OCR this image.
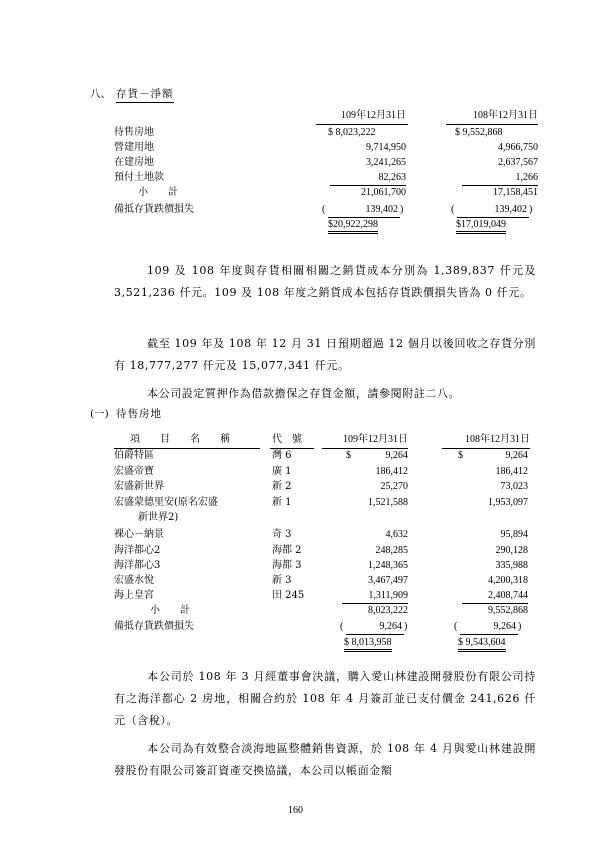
八、 存貨－淨額
109年12月31日	108年12月31日
待售房地	$ 8,023,222	$ 9,552,868
營建用地	9,714,950	4,966,750
在建房地	3,241,265	2,637,567
預付土地款	82,263	1,266
小　　計	21,061,700	17,158,451
備抵存貨跌價損失	(	139,402 )	(	139,402 )
$20,922,298	$17,019,049
109 及 108 年度與存貨相關相關之銷貨成本分別為 1,389,837 仟元及 3,521,236 仟元。109 及 108 年度之銷貨成本包括存貨跌價損失皆為 0 仟元。
截至 109 年及 108 年 12 月 31 日預期超過 12 個月以後回收之存貨分別有 18,777,277 仟元及 15,077,341 仟元。
本公司設定質押作為借款擔保之存貨金額，請參閱附註二八。
(一) 待售房地
項　　目　　名　　稱	代　號	109年12月31日	108年12月31日
伯爵特區	灣 6	$	9,264	$	9,264
宏盛帝寶	廣 1	186,412	186,412
宏盛新世界	新 2	25,270	73,023
宏盛蒙德里安(原名宏盛
新世界2)
新 1	1,521,588	1,953,097
裸心－納景	奇 3	4,632	95,894
海洋都心2	海都 2	248,285	290,128
海洋都心3	海都 3	1,248,365	335,988
宏盛水悅	新 3	3,467,497	4,200,318
海上皇宮	田 245	1,311,909	2,408,744
小　　計	8,023,222	9,552,868
備抵存貨跌價損失	(	9,264 )	(	9,264 )
$ 8,013,958	$ 9,543,604
本公司於 108 年 3 月經董事會決議，購入愛山林建設開發股份有限公司持有之海洋都心 2 房地，相關合約於 108 年 4 月簽訂並已支付價金 241,626 仟元（含稅）。
本公司為有效整合淡海地區整體銷售資源，於 108 年 4 月與愛山林建設開發股份有限公司簽訂資產交換協議，本公司以帳面金額
160
